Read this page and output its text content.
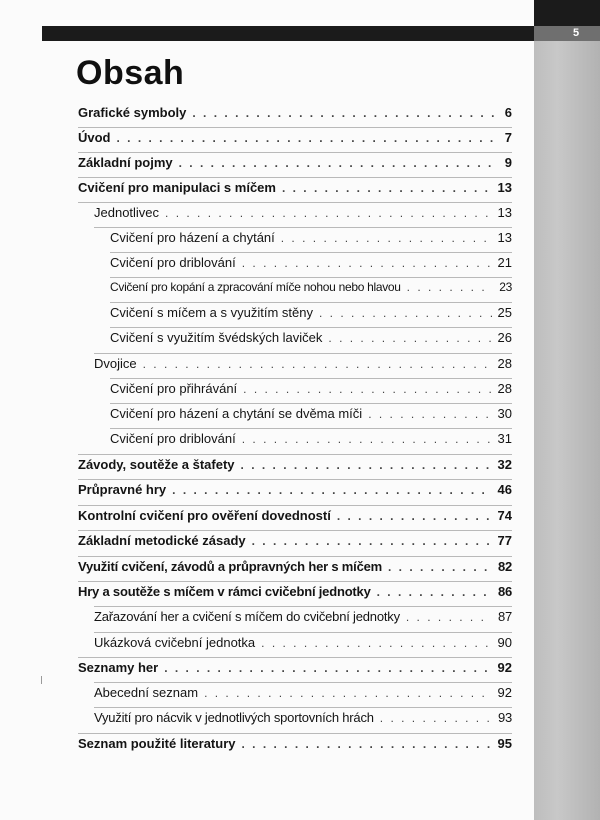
5
Obsah
Grafické symboly . . .	6
Úvod . . .	7
Základní pojmy . . .	9
Cvičení pro manipulaci s míčem . . .	13
Jednotlivec . . .	13
Cvičení pro házení a chytání . . .	13
Cvičení pro driblování . . .	21
Cvičení pro kopání a zpracování míče nohou nebo hlavou . . .	23
Cvičení s míčem a s využitím stěny . . .	25
Cvičení s využitím švédských laviček . . .	26
Dvojice . . .	28
Cvičení pro přihrávání . . .	28
Cvičení pro házení a chytání se dvěma míči . . .	30
Cvičení pro driblování . . .	31
Závody, soutěže a štafety . . .	32
Průpravné hry . . .	46
Kontrolní cvičení pro ověření dovedností . . .	74
Základní metodické zásady . . .	77
Využití cvičení, závodů a průpravných her s míčem . . .	82
Hry a soutěže s míčem v rámci cvičební jednotky . . .	86
Zařazování her a cvičení s míčem do cvičební jednotky . . .	87
Ukázková cvičební jednotka . . .	90
Seznamy her . . .	92
Abecední seznam . . .	92
Využití pro nácvik v jednotlivých sportovních hrách . . .	93
Seznam použité literatury . . .	95
